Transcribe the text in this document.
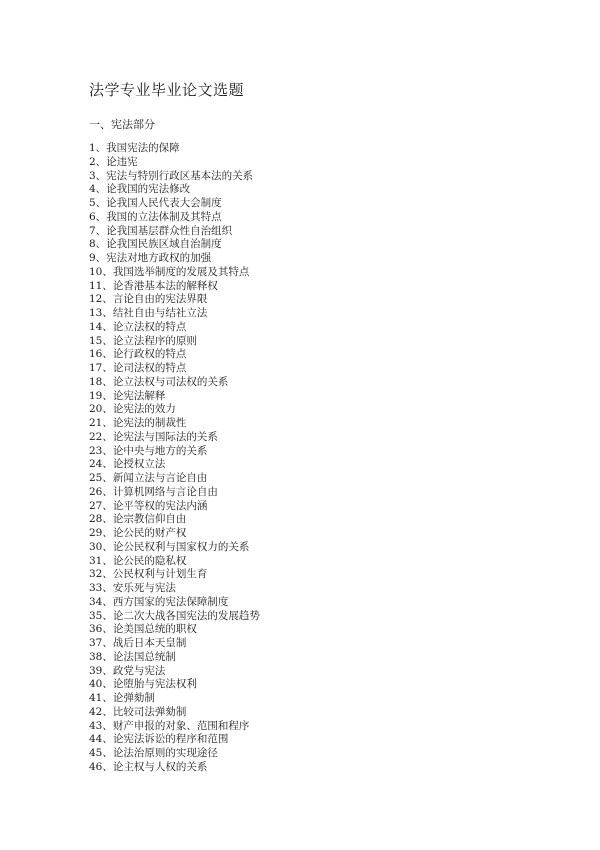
法学专业毕业论文选题
一、宪法部分
1、我国宪法的保障
2、论违宪
3、宪法与特别行政区基本法的关系
4、论我国的宪法修改
5、论我国人民代表大会制度
6、我国的立法体制及其特点
7、论我国基层群众性自治组织
8、论我国民族区域自治制度
9、宪法对地方政权的加强
10、我国选举制度的发展及其特点
11、论香港基本法的解释权
12、言论自由的宪法界限
13、结社自由与结社立法
14、论立法权的特点
15、论立法程序的原则
16、论行政权的特点
17、论司法权的特点
18、论立法权与司法权的关系
19、论宪法解释
20、论宪法的效力
21、论宪法的制裁性
22、论宪法与国际法的关系
23、论中央与地方的关系
24、论授权立法
25、新闻立法与言论自由
26、计算机网络与言论自由
27、论平等权的宪法内涵
28、论宗教信仰自由
29、论公民的财产权
30、论公民权利与国家权力的关系
31、论公民的隐私权
32、公民权利与计划生育
33、安乐死与宪法
34、西方国家的宪法保障制度
35、论二次大战各国宪法的发展趋势
36、论美国总统的职权
37、战后日本天皇制
38、论法国总统制
39、政党与宪法
40、论堕胎与宪法权利
41、论弹劾制
42、比较司法弹劾制
43、财产申报的对象、范围和程序
44、论宪法诉讼的程序和范围
45、论法治原则的实现途径
46、论主权与人权的关系
